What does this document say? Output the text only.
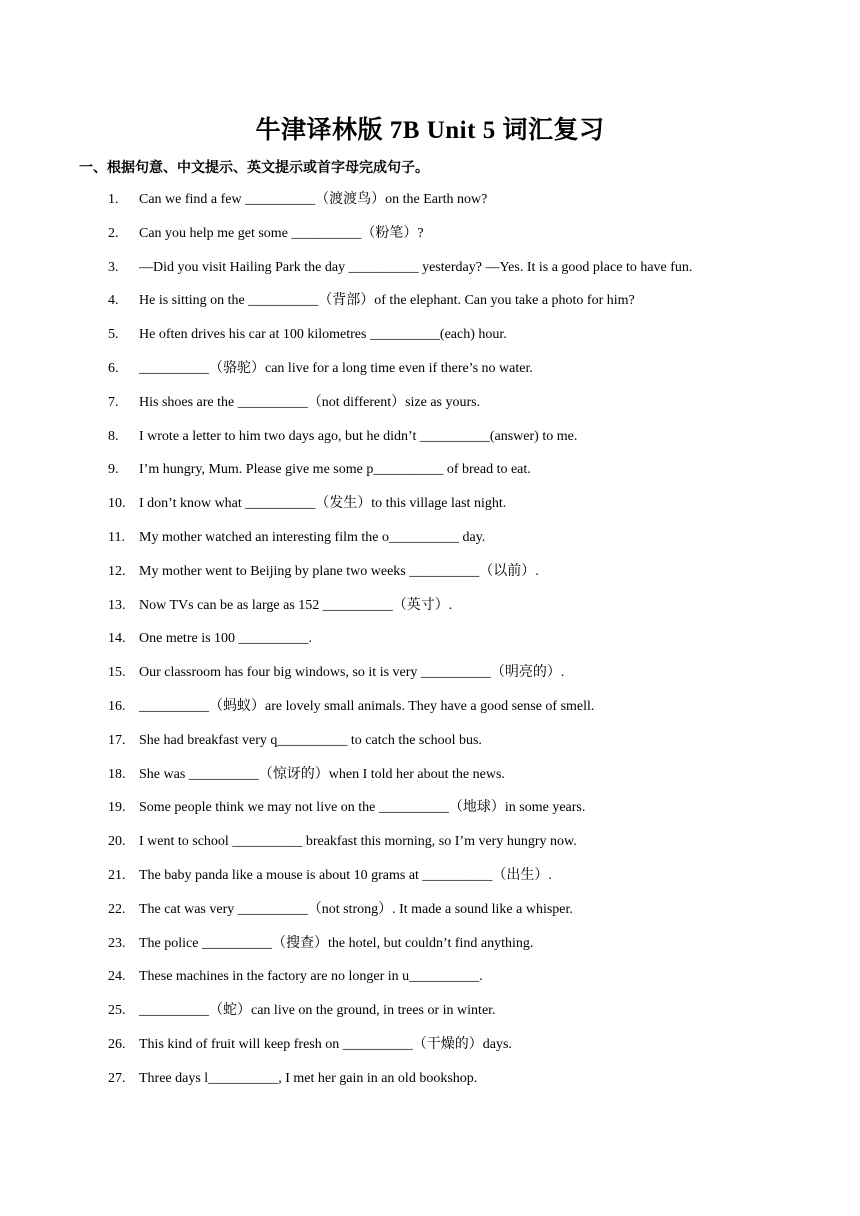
牛津译林版 7B Unit 5 词汇复习
一、根据句意、中文提示、英文提示或首字母完成句子。
1.	Can we find a few __________（渡渡鸟）on the Earth now?
2.	Can you help me get some __________（粉笔）?
3.	—Did you visit Hailing Park the day __________ yesterday? —Yes. It is a good place to have fun.
4.	He is sitting on the __________（背部）of the elephant. Can you take a photo for him?
5.	He often drives his car at 100 kilometres __________(each) hour.
6.	__________（骆驼）can live for a long time even if there’s no water.
7.	His shoes are the __________（not different）size as yours.
8.	I wrote a letter to him two days ago, but he didn’t __________(answer) to me.
9.	I’m hungry, Mum. Please give me some p__________ of bread to eat.
10. I don’t know what __________（发生）to this village last night.
11.	My mother watched an interesting film the o__________ day.
12. My mother went to Beijing by plane two weeks __________（以前）.
13. Now TVs can be as large as 152 __________（英寸）.
14. One metre is 100 __________.
15. Our classroom has four big windows, so it is very __________（明亮的）.
16. __________（蚂蚁）are lovely small animals. They have a good sense of smell.
17. She had breakfast very q__________ to catch the school bus.
18. She was __________（惊讶的）when I told her about the news.
19. Some people think we may not live on the __________（地球）in some years.
20. I went to school __________ breakfast this morning, so I’m very hungry now.
21. The baby panda like a mouse is about 10 grams at __________（出生）.
22. The cat was very __________（not strong）. It made a sound like a whisper.
23. The police __________（搜查）the hotel, but couldn’t find anything.
24. These machines in the factory are no longer in u__________.
25. __________（蛇）can live on the ground, in trees or in winter.
26. This kind of fruit will keep fresh on __________（干燥的）days.
27. Three days l__________, I met her gain in an old bookshop.
